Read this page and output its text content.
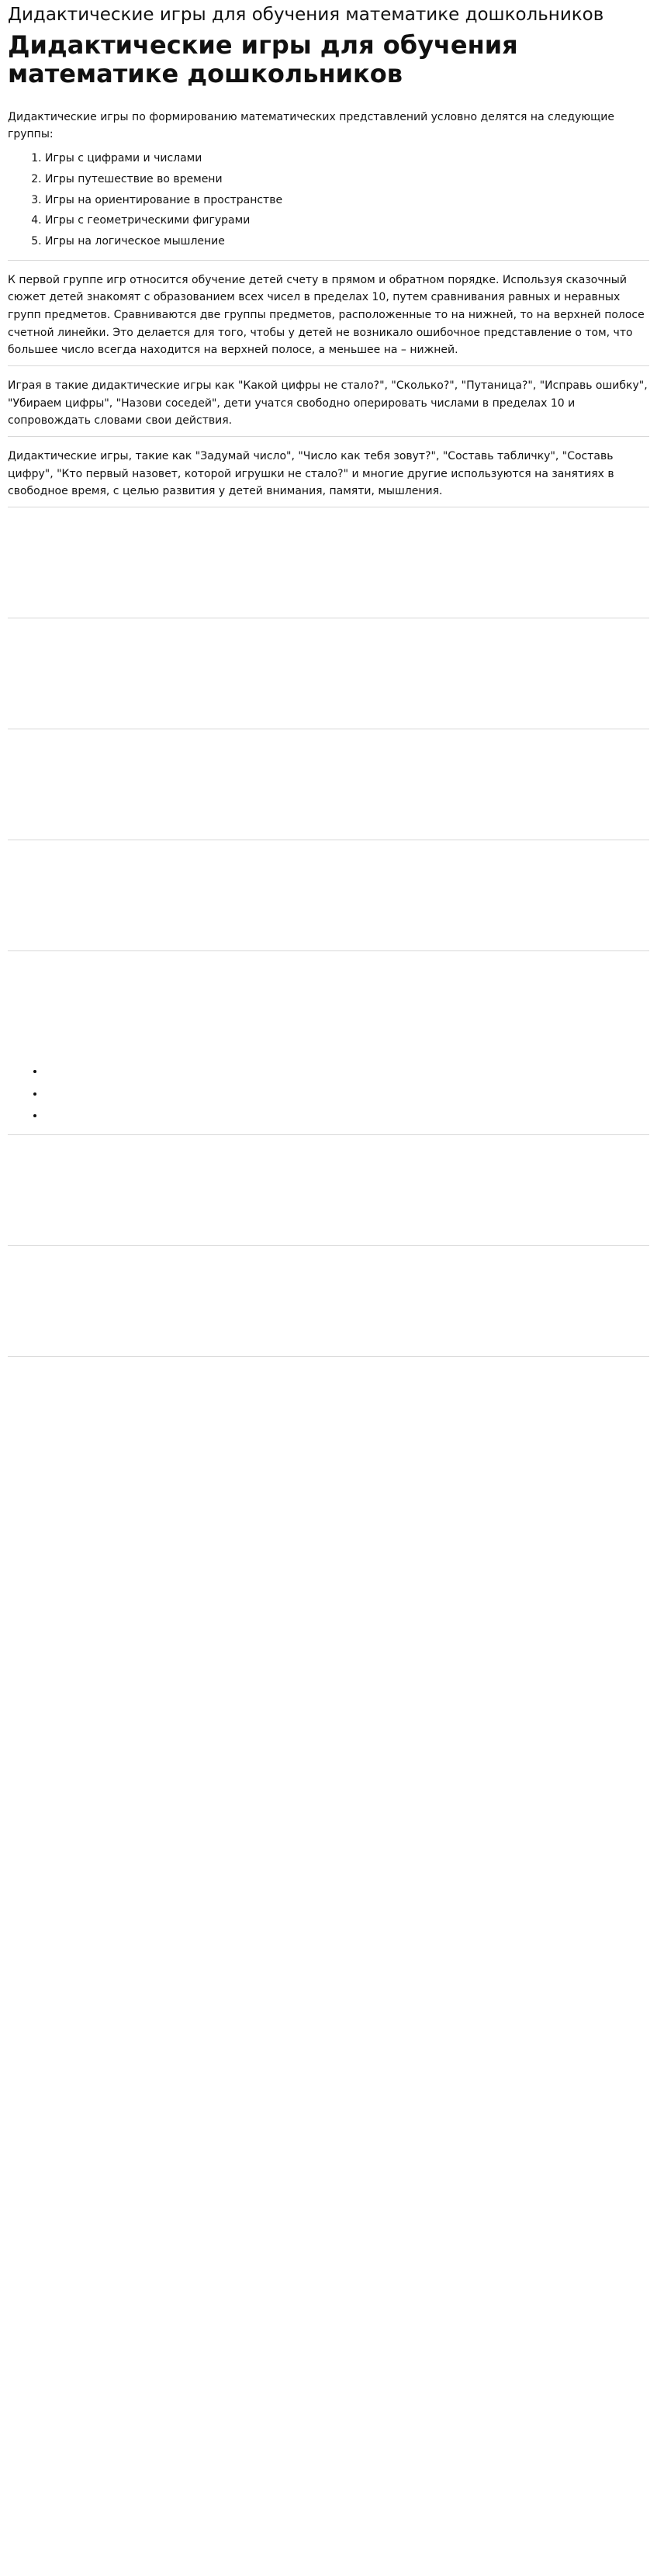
Дидактические игры для обучения математике дошкольников
Дидактические игры для обучения математике дошкольников

Дидактические игры по формированию математических представлений условно делятся на следующие группы:

1. Игры с цифрами и числами
2. Игры путешествие во времени
3. Игры на ориентирование в пространстве
4. Игры с геометрическими фигурами
5. Игры на логическое мышление

К первой группе игр относится обучение детей счету в прямом и обратном порядке. Используя сказочный сюжет детей знакомят с образованием всех чисел в пределах 10, путем сравнивания равных и неравных групп предметов. Сравниваются две группы предметов, расположенные то на нижней, то на верхней полосе счетной линейки. Это делается для того, чтобы у детей не возникало ошибочное представление о том, что большее число всегда находится на верхней полосе, а меньшее на – нижней.

Играя в такие дидактические игры как "Какой цифры не стало?", "Сколько?", "Путаница?", "Исправь ошибку", "Убираем цифры", "Назови соседей", дети учатся свободно оперировать числами в пределах 10 и сопровождать словами свои действия.

Дидактические игры, такие как "Задумай число", "Число как тебя зовут?", "Составь табличку", "Составь цифру", "Кто первый назовет, которой игрушки не стало?" и многие другие используются на занятиях в свободное время, с целью развития у детей внимания, памяти, мышления.

•
•
•
